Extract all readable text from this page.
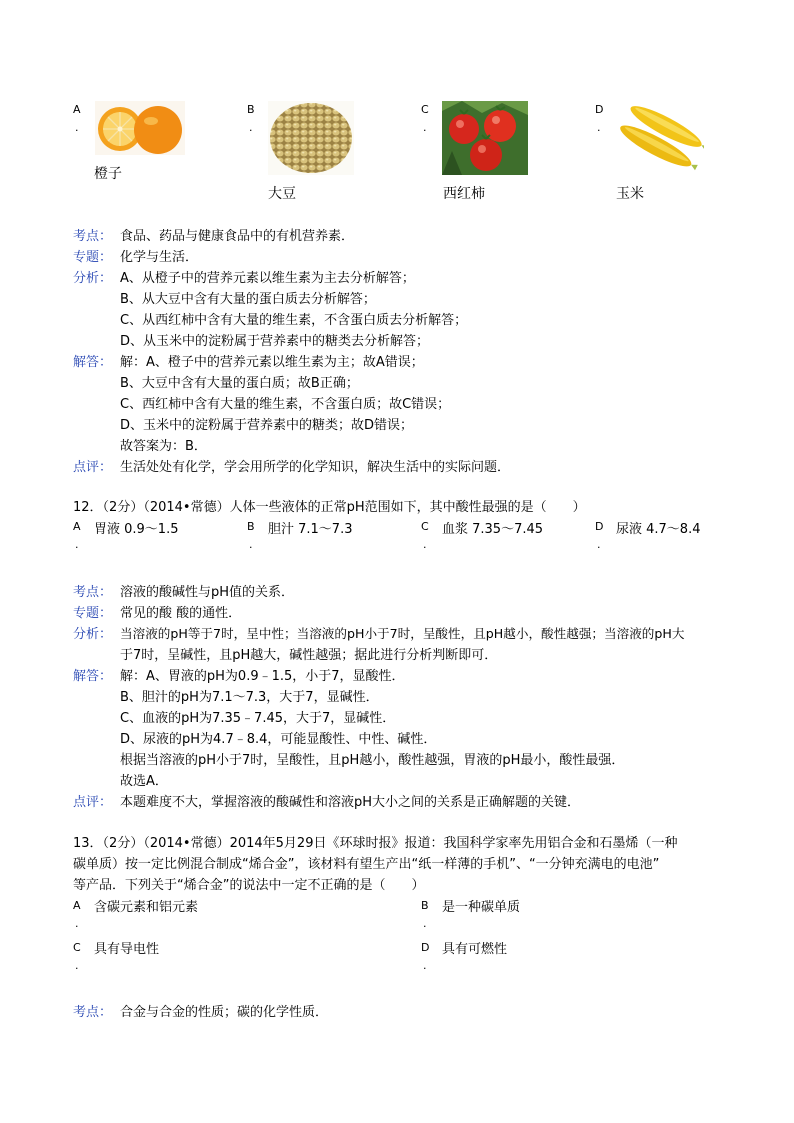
A
.
橙子
B
.
大豆
C
.
西红柿
D
.
玉米
考点： 食品、药品与健康食品中的有机营养素．
专题： 化学与生活．
分析： A、从橙子中的营养元素以维生素为主去分析解答；
B、从大豆中含有大量的蛋白质去分析解答；
C、从西红柿中含有大量的维生素，不含蛋白质去分析解答；
D、从玉米中的淀粉属于营养素中的糖类去分析解答；
解答： 解：A、橙子中的营养元素以维生素为主；故A错误；
B、大豆中含有大量的蛋白质；故B正确；
C、西红柿中含有大量的维生素，不含蛋白质；故C错误；
D、玉米中的淀粉属于营养素中的糖类；故D错误；
故答案为：B．
点评： 生活处处有化学，学会用所学的化学知识，解决生活中的实际问题．
12．（2分）（2014•常德）人体一些液体的正常pH范围如下，其中酸性最强的是（　　）
A
.
胃液 0.9～1.5	B
.
胆汁 7.1～7.3	C
.
血浆 7.35～7.45	D
.
尿液 4.7～8.4
考点： 溶液的酸碱性与pH值的关系．
专题： 常见的酸 酸的通性．
分析： 当溶液的pH等于7时，呈中性；当溶液的pH小于7时，呈酸性，且pH越小，酸性越强；当溶液的pH大
于7时，呈碱性，且pH越大，碱性越强；据此进行分析判断即可．
解答： 解：A、胃液的pH为0.9﹣1.5，小于7，显酸性．
B、胆汁的pH为7.1～7.3，大于7，显碱性．
C、血液的pH为7.35﹣7.45，大于7，显碱性．
D、尿液的pH为4.7﹣8.4，可能显酸性、中性、碱性．
根据当溶液的pH小于7时，呈酸性，且pH越小，酸性越强，胃液的pH最小，酸性最强．
故选A．
点评： 本题难度不大，掌握溶液的酸碱性和溶液pH大小之间的关系是正确解题的关键．
13．（2分）（2014•常德）2014年5月29日《环球时报》报道：我国科学家率先用铝合金和石墨烯（一种
碳单质）按一定比例混合制成“烯合金”，该材料有望生产出“纸一样薄的手机”、“一分钟充满电的电池”
等产品．下列关于“烯合金”的说法中一定不正确的是（　　）
A
.
含碳元素和铝元素	B
.
是一种碳单质
C
.
具有导电性	D
.
具有可燃性
考点： 合金与合金的性质；碳的化学性质．
